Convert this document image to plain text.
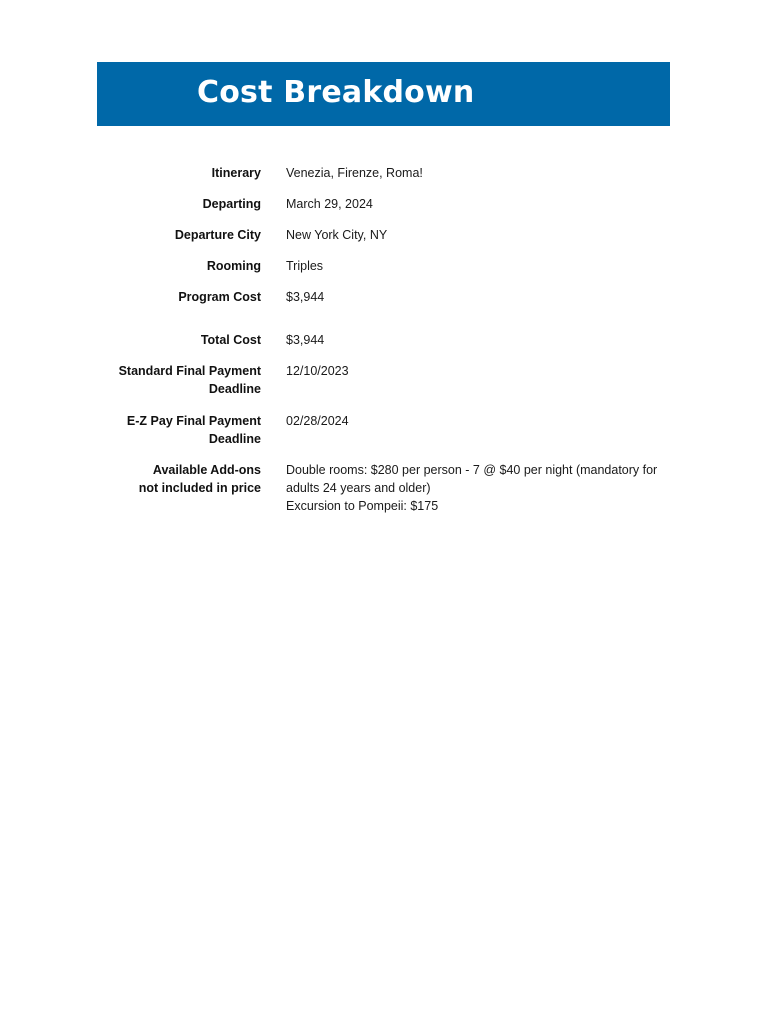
Cost Breakdown
Itinerary Venezia, Firenze, Roma!
Departing March 29, 2024
Departure City New York City, NY
Rooming Triples
Program Cost $3,944
Total Cost $3,944
Standard Final Payment
Deadline
12/10/2023
E-Z Pay Final Payment
Deadline
02/28/2024
Available Add-ons
not included in price
Double rooms: $280 per person - 7 @ $40 per night (mandatory for
adults 24 years and older)
Excursion to Pompeii: $175
